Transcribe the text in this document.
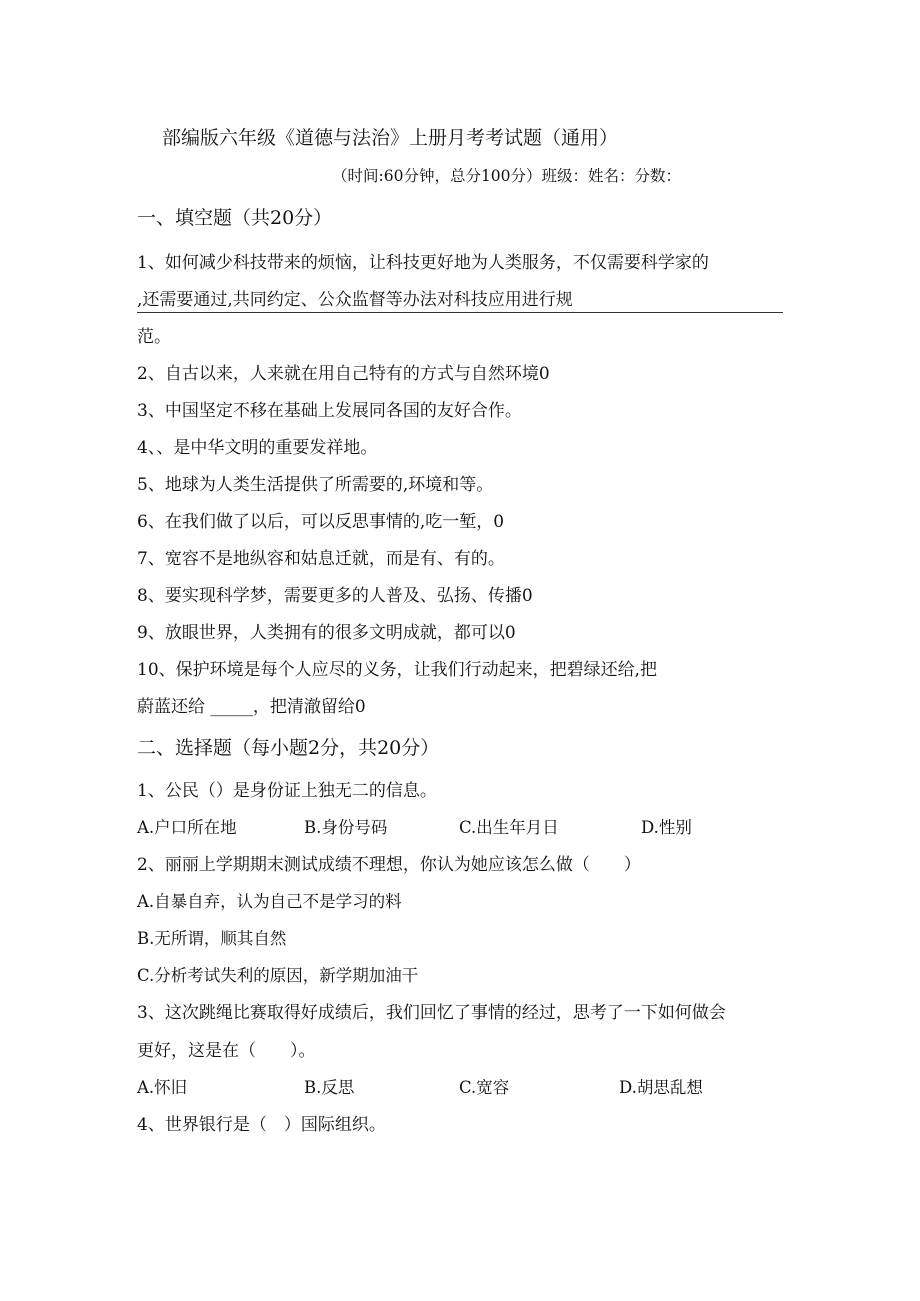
部编版六年级《道德与法治》上册月考考试题（通用）

（时间:60分钟，总分100分）班级：姓名：分数：

一、填空题（共20分）

1、如何减少科技带来的烦恼，让科技更好地为人类服务，不仅需要科学家的

,还需要通过,共同约定、公众监督等办法对科技应用进行规

范。

2、自古以来，人来就在用自己特有的方式与自然环境0

3、中国坚定不移在基础上发展同各国的友好合作。

4、、是中华文明的重要发祥地。

5、地球为人类生活提供了所需要的,环境和等。

6、在我们做了以后，可以反思事情的,吃一堑，0

7、宽容不是地纵容和姑息迁就，而是有、有的。

8、要实现科学梦，需要更多的人普及、弘扬、传播0

9、放眼世界，人类拥有的很多文明成就，都可以0

10、保护环境是每个人应尽的义务，让我们行动起来，把碧绿还给,把

蔚蓝还给 _____，把清澈留给0

二、选择题（每小题2分，共20分）

1、公民（）是身份证上独无二的信息。

A.户口所在地	B.身份号码	C.出生年月日	D.性别

2、丽丽上学期期末测试成绩不理想，你认为她应该怎么做（　　）

A.自暴自弃，认为自己不是学习的料

B.无所谓，顺其自然

C.分析考试失利的原因，新学期加油干

3、这次跳绳比赛取得好成绩后，我们回忆了事情的经过，思考了一下如何做会

更好，这是在（　　）。

A.怀旧	B.反思	C.宽容	D.胡思乱想

4、世界银行是（　）国际组织。
